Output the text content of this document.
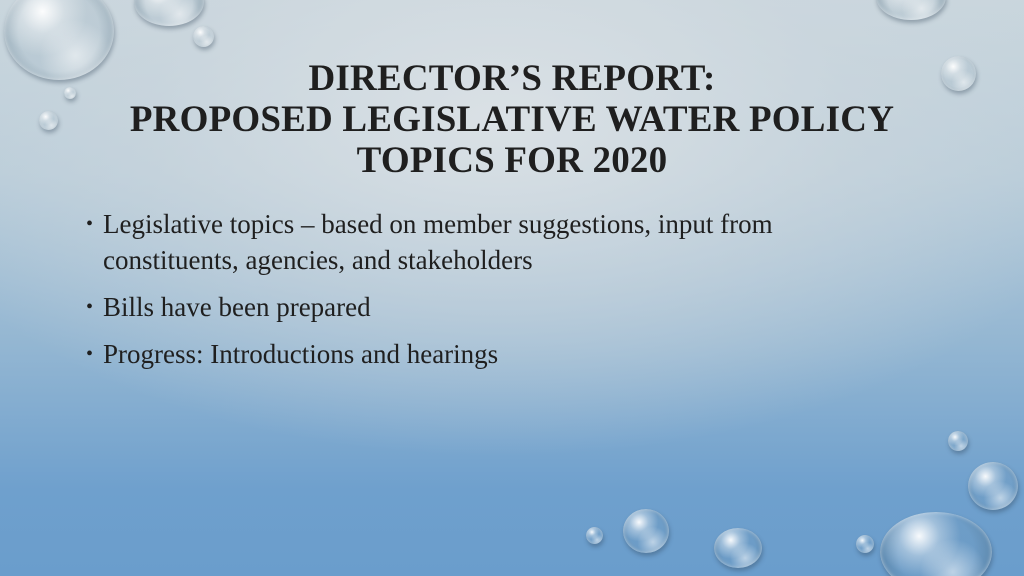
DIRECTOR’S REPORT:
PROPOSED LEGISLATIVE WATER POLICY
TOPICS FOR 2020
• Legislative topics – based on member suggestions, input from constituents, agencies, and stakeholders
• Bills have been prepared
• Progress: Introductions and hearings
